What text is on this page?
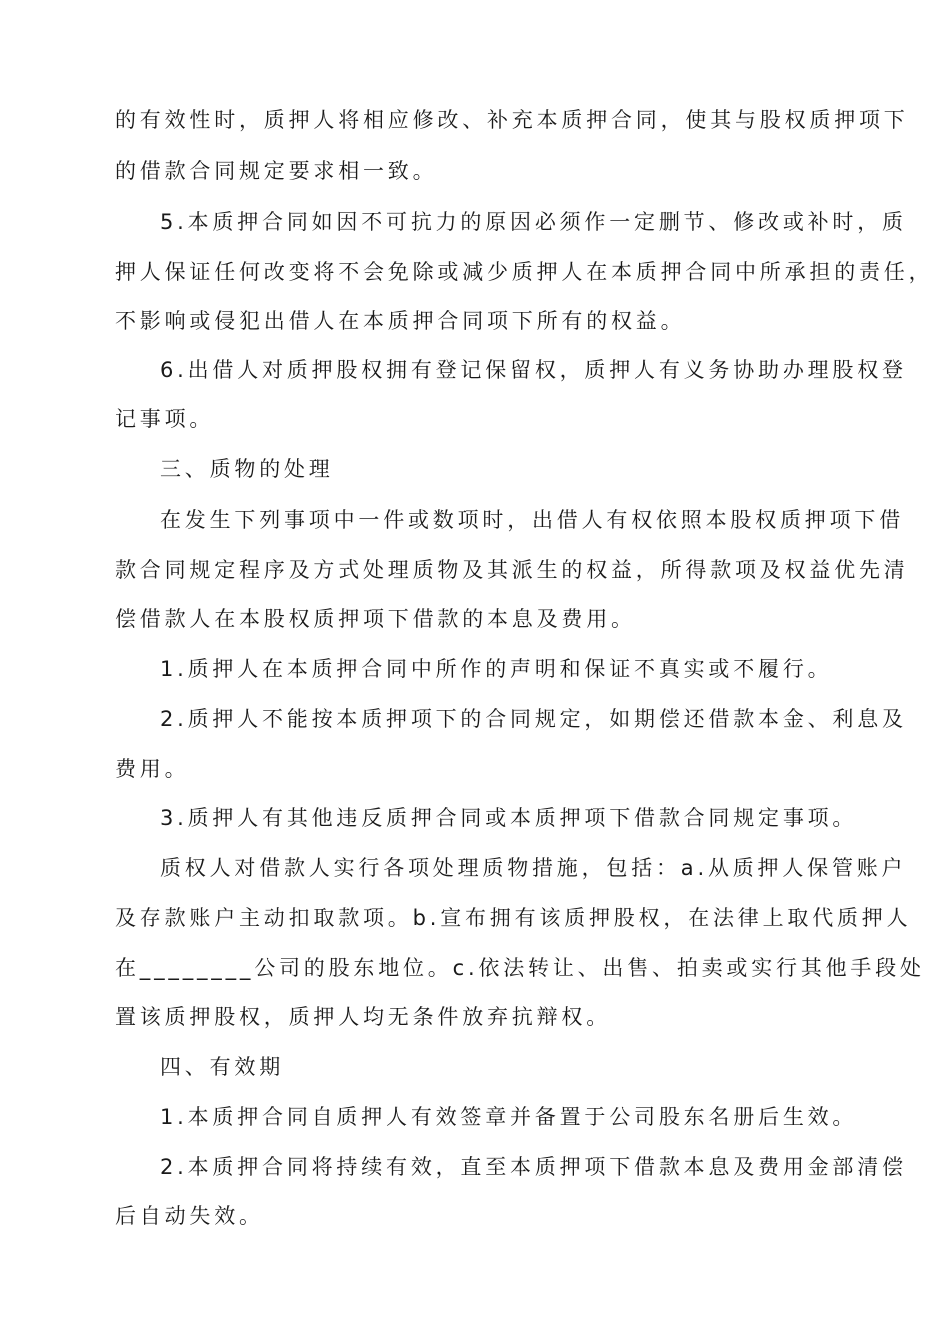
的有效性时，质押人将相应修改、补充本质押合同，使其与股权质押项下
的借款合同规定要求相一致。
5.本质押合同如因不可抗力的原因必须作一定删节、修改或补时，质
押人保证任何改变将不会免除或减少质押人在本质押合同中所承担的责任，
不影响或侵犯出借人在本质押合同项下所有的权益。
6.出借人对质押股权拥有登记保留权，质押人有义务协助办理股权登
记事项。
三、质物的处理
在发生下列事项中一件或数项时，出借人有权依照本股权质押项下借
款合同规定程序及方式处理质物及其派生的权益，所得款项及权益优先清
偿借款人在本股权质押项下借款的本息及费用。
1.质押人在本质押合同中所作的声明和保证不真实或不履行。
2.质押人不能按本质押项下的合同规定，如期偿还借款本金、利息及
费用。
3.质押人有其他违反质押合同或本质押项下借款合同规定事项。
质权人对借款人实行各项处理质物措施，包括：a.从质押人保管账户
及存款账户主动扣取款项。b.宣布拥有该质押股权，在法律上取代质押人
在________公司的股东地位。c.依法转让、出售、拍卖或实行其他手段处
置该质押股权，质押人均无条件放弃抗辩权。
四、有效期
1.本质押合同自质押人有效签章并备置于公司股东名册后生效。
2.本质押合同将持续有效，直至本质押项下借款本息及费用金部清偿
后自动失效。
